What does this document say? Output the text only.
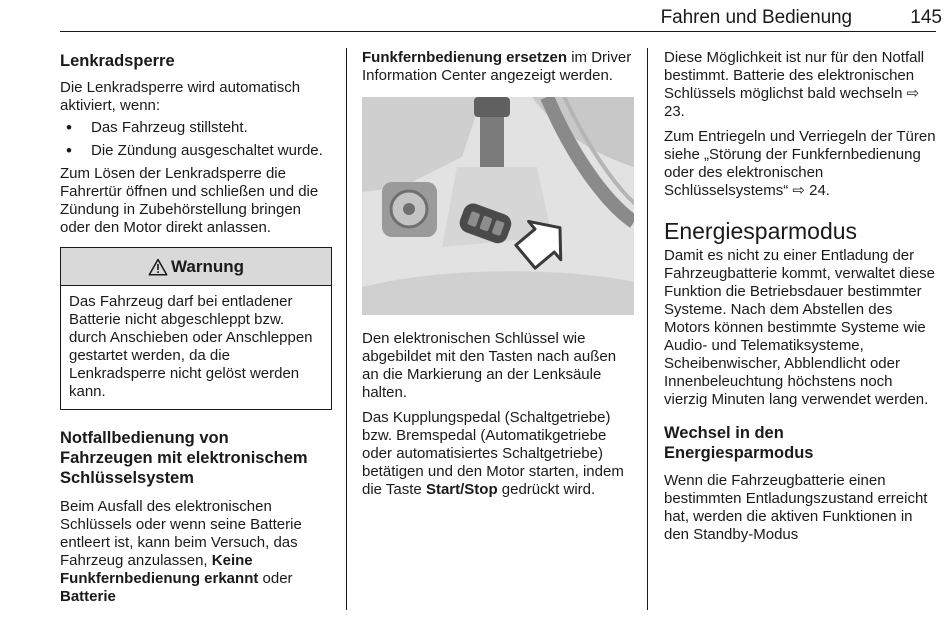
Fahren und Bedienung	145
Lenkradsperre

Die Lenkradsperre wird automatisch aktiviert, wenn:

• Das Fahrzeug stillsteht.
• Die Zündung ausgeschaltet wurde.

Zum Lösen der Lenkradsperre die Fahrertür öffnen und schließen und die Zündung in Zubehörstellung bringen oder den Motor direkt anlassen.

Warnung
Das Fahrzeug darf bei entladener Batterie nicht abgeschleppt bzw. durch Anschieben oder Anschleppen gestartet werden, da die Lenkradsperre nicht gelöst werden kann.
Notfallbedienung von Fahrzeugen mit elektronischem Schlüsselsystem

Beim Ausfall des elektronischen Schlüssels oder wenn seine Batterie entleert ist, kann beim Versuch, das Fahrzeug anzulassen, Keine Funkfernbedienung erkannt oder Batterie

Funkfernbedienung ersetzen im Driver Information Center angezeigt werden.

Den elektronischen Schlüssel wie abgebildet mit den Tasten nach außen an die Markierung an der Lenksäule halten.

Das Kupplungspedal (Schaltgetriebe) bzw. Bremspedal (Automatikgetriebe oder automatisiertes Schaltgetriebe) betätigen und den Motor starten, indem die Taste Start/Stop gedrückt wird.

Diese Möglichkeit ist nur für den Notfall bestimmt. Batterie des elektronischen Schlüssels möglichst bald wechseln ⇨ 23.

Zum Entriegeln und Verriegeln der Türen siehe „Störung der Funkfernbedienung oder des elektronischen Schlüsselsystems“ ⇨ 24.

Energiesparmodus

Damit es nicht zu einer Entladung der Fahrzeugbatterie kommt, verwaltet diese Funktion die Betriebsdauer bestimmter Systeme. Nach dem Abstellen des Motors können bestimmte Systeme wie Audio- und Telematiksysteme, Scheibenwischer, Abblendlicht oder Innenbeleuchtung höchstens noch vierzig Minuten lang verwendet werden.

Wechsel in den Energiesparmodus

Wenn die Fahrzeugbatterie einen bestimmten Entladungszustand erreicht hat, werden die aktiven Funktionen in den Standby-Modus
